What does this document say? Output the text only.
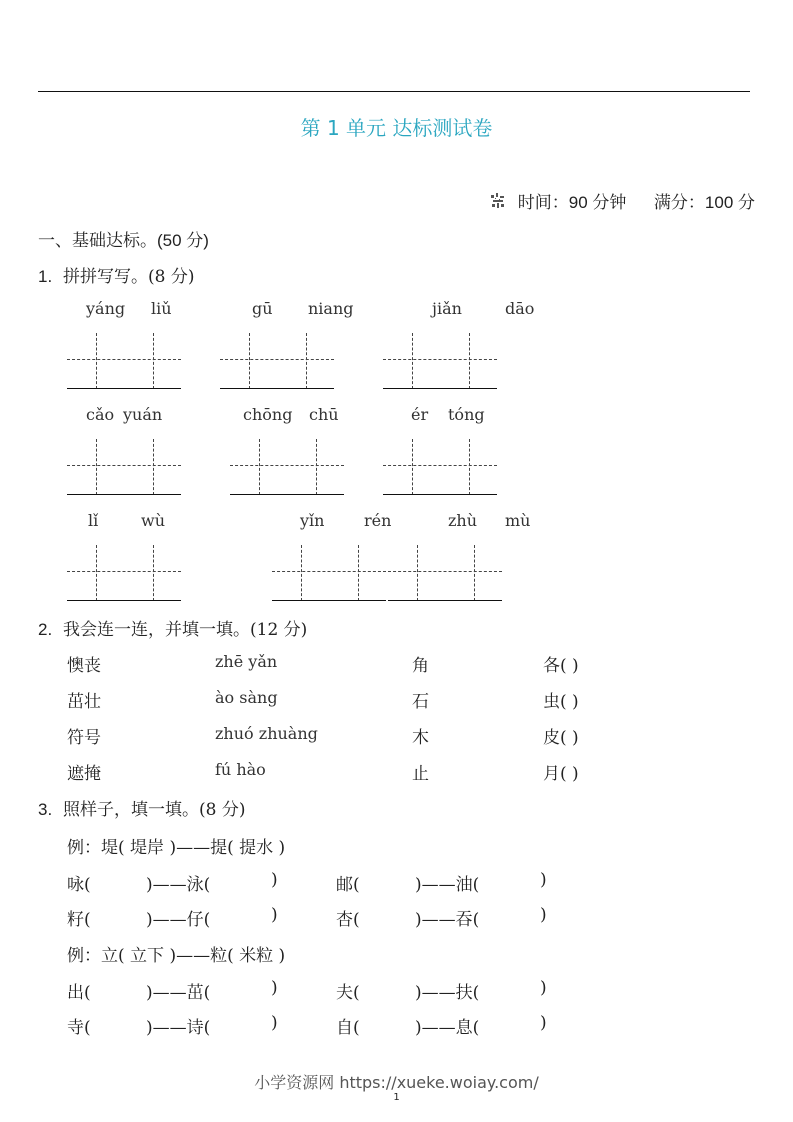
第 1 单元 达标测试卷
时间：90 分钟 满分：100 分
一、基础达标。(50 分)
1. 拼拼写写。(8 分)
yáng liǔ	gū niang	jiǎn	dāo
cǎo yuán	chōng chū	ér tóng
lǐ	wù	yǐn rén	zhù mù
2. 我会连一连，并填一填。(12 分)
懊丧	zhē yǎn	角	各( )
茁壮	ào sàng	石	虫( )
符号	zhuó zhuàng	木	皮( )
遮掩	fú hào	止	月( )
3. 照样子，填一填。(8 分)
例：堤( 堤岸 )——提( 提水 )
咏(	)——泳(	)	邮(	)——油(	)
籽(	)——仔(	)	杏(	)——吞(	)
例：立( 立下 )——粒( 米粒 )
出(	)——茁(	)	夫(	)——扶(	)
寺(	)——诗(	)	自(	)——息(	)
小学资源网 https://xueke.woiay.com/
1
